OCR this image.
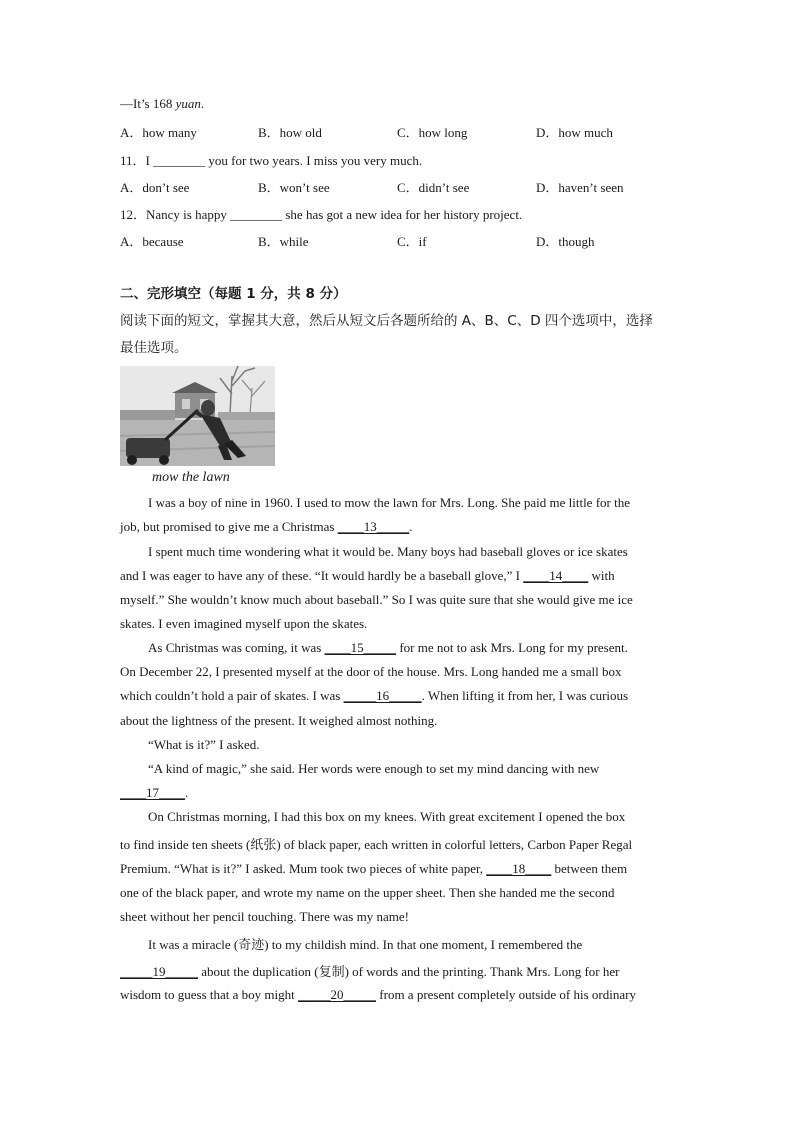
—It’s 168 yuan.
A．how many	B．how old	C．how long	D．how much
11．I ________ you for two years. I miss you very much.
A．don’t see	B．won’t see	C．didn’t see	D．haven’t seen
12．Nancy is happy ________ she has got a new idea for her history project.
A．because	B．while	C．if	D．though
二、完形填空（每题 1 分，共 8 分）
阅读下面的短文，掌握其大意，然后从短文后各题所给的 A、B、C、D 四个选项中，选择
最佳选项。
mow the lawn
I was a boy of nine in 1960. I used to mow the lawn for Mrs. Long. She paid me little for the
job, but promised to give me a Christmas ____13_____.
I spent much time wondering what it would be. Many boys had baseball gloves or ice skates
and I was eager to have any of these. “It would hardly be a baseball glove,” I ____14____ with
myself.” She wouldn’t know much about baseball.” So I was quite sure that she would give me ice
skates. I even imagined myself upon the skates.
As Christmas was coming, it was ____15_____ for me not to ask Mrs. Long for my present.
On December 22, I presented myself at the door of the house. Mrs. Long handed me a small box
which couldn’t hold a pair of skates. I was _____16_____. When lifting it from her, I was curious
about the lightness of the present. It weighed almost nothing.
“What is it?” I asked.
“A kind of magic,” she said. Her words were enough to set my mind dancing with new
____17____.
On Christmas morning, I had this box on my knees. With great excitement I opened the box
to find inside ten sheets (纸张) of black paper, each written in colorful letters, Carbon Paper Regal
Premium. “What is it?” I asked. Mum took two pieces of white paper, ____18____ between them
one of the black paper, and wrote my name on the upper sheet. Then she handed me the second
sheet without her pencil touching. There was my name!
It was a miracle (奇迹) to my childish mind. In that one moment, I remembered the
_____19_____ about the duplication (复制) of words and the printing. Thank Mrs. Long for her
wisdom to guess that a boy might _____20_____ from a present completely outside of his ordinary
